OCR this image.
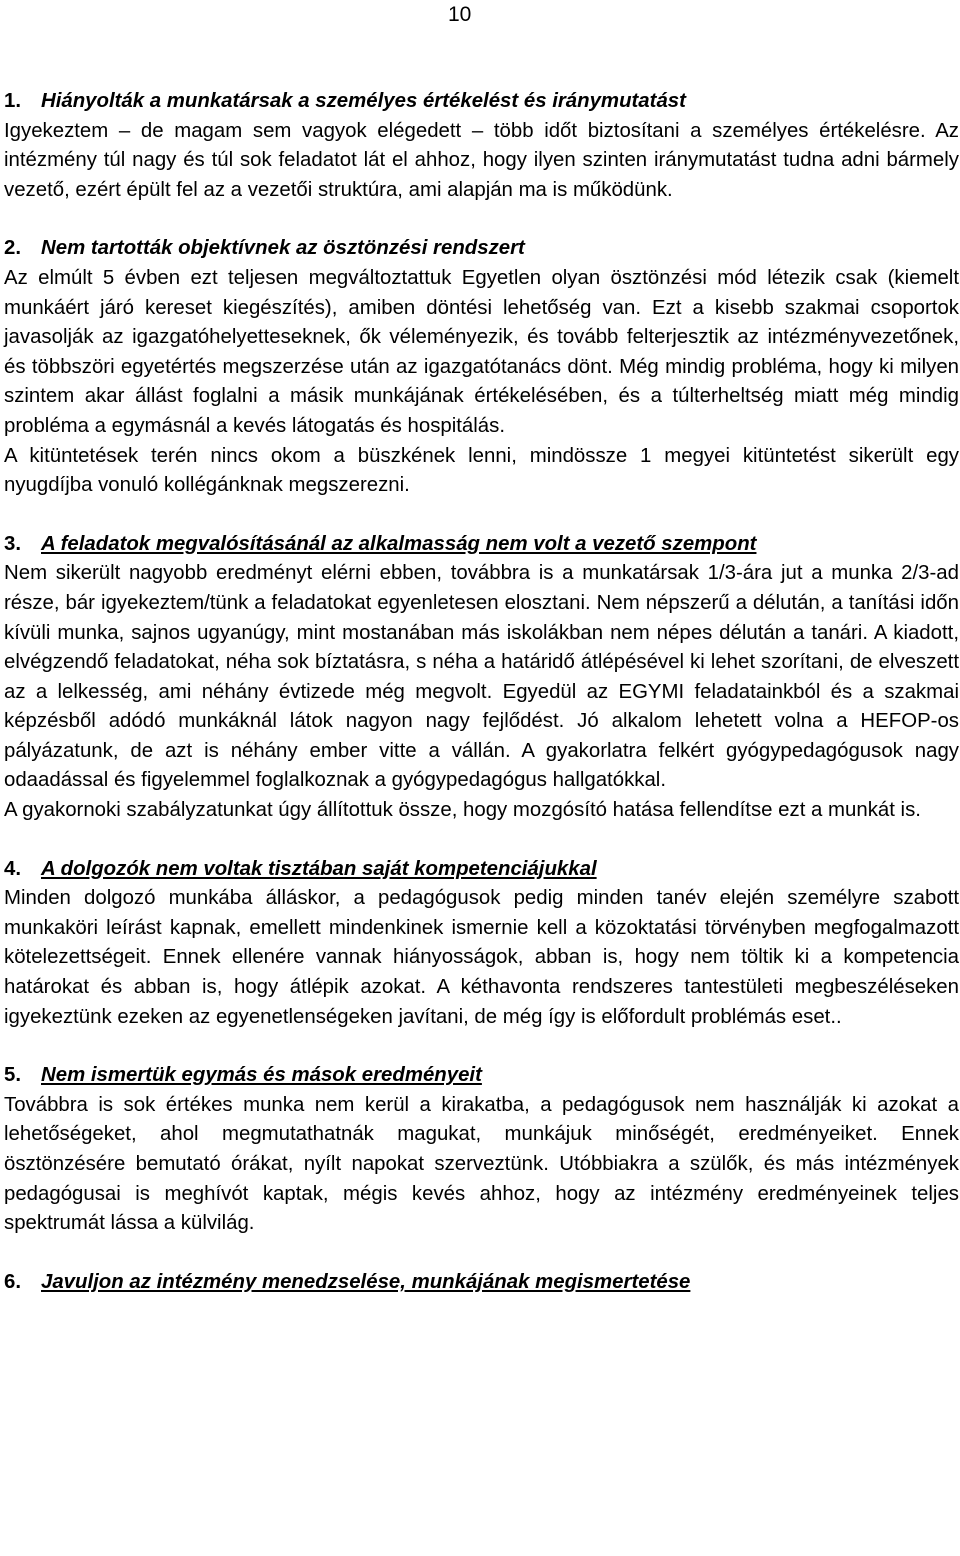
10
1. Hiányolták a munkatársak a személyes értékelést és iránymutatást

Igyekeztem – de magam sem vagyok elégedett – több időt biztosítani a személyes értékelésre. Az intézmény túl nagy és túl sok feladatot lát el ahhoz, hogy ilyen szinten iránymutatást tudna adni bármely vezető, ezért épült fel az a vezetői struktúra, ami alapján ma is működünk.

2. Nem tartották objektívnek az ösztönzési rendszert

Az elmúlt 5 évben ezt teljesen megváltoztattuk Egyetlen olyan ösztönzési mód létezik csak (kiemelt munkáért járó kereset kiegészítés), amiben döntési lehetőség van. Ezt a kisebb szakmai csoportok javasolják az igazgatóhelyetteseknek, ők véleményezik, és tovább felterjesztik az intézményvezetőnek, és többszöri egyetértés megszerzése után az igazgatótanács dönt. Még mindig probléma, hogy ki milyen szintem akar állást foglalni a másik munkájának értékelésében, és a túlterheltség miatt még mindig probléma a egymásnál a kevés látogatás és hospitálás.

A kitüntetések terén nincs okom a büszkének lenni, mindössze 1 megyei kitüntetést sikerült egy nyugdíjba vonuló kollégánknak megszerezni.

3. A feladatok megvalósításánál az alkalmasság nem volt a vezető szempont

Nem sikerült nagyobb eredményt elérni ebben, továbbra is a munkatársak 1/3-ára jut a munka 2/3-ad része, bár igyekeztem/tünk a feladatokat egyenletesen elosztani. Nem népszerű a délután, a tanítási időn kívüli munka, sajnos ugyanúgy, mint mostanában más iskolákban nem népes délután a tanári. A kiadott, elvégzendő feladatokat, néha sok bíztatásra, s néha a határidő átlépésével ki lehet szorítani, de elveszett az a lelkesség, ami néhány évtizede még megvolt. Egyedül az EGYMI feladatainkból és a szakmai képzésből adódó munkáknál látok nagyon nagy fejlődést. Jó alkalom lehetett volna a HEFOP-os pályázatunk, de azt is néhány ember vitte a vállán. A gyakorlatra felkért gyógypedagógusok nagy odaadással és figyelemmel foglalkoznak a gyógypedagógus hallgatókkal.

A gyakornoki szabályzatunkat úgy állítottuk össze, hogy mozgósító hatása fellendítse ezt a munkát is.

4. A dolgozók nem voltak tisztában saját kompetenciájukkal

Minden dolgozó munkába álláskor, a pedagógusok pedig minden tanév elején személyre szabott munkaköri leírást kapnak, emellett mindenkinek ismernie kell a közoktatási törvényben megfogalmazott kötelezettségeit. Ennek ellenére vannak hiányosságok, abban is, hogy nem töltik ki a kompetencia határokat és abban is, hogy átlépik azokat. A kéthavonta rendszeres tantestületi megbeszéléseken igyekeztünk ezeken az egyenetlenségeken javítani, de még így is előfordult problémás eset..

5. Nem ismertük egymás és mások eredményeit

Továbbra is sok értékes munka nem kerül a kirakatba, a pedagógusok nem használják ki azokat a lehetőségeket, ahol megmutathatnák magukat, munkájuk minőségét, eredményeiket. Ennek ösztönzésére bemutató órákat, nyílt napokat szerveztünk. Utóbbiakra a szülők, és más intézmények pedagógusai is meghívót kaptak, mégis kevés ahhoz, hogy az intézmény eredményeinek teljes spektrumát lássa a külvilág.

6. Javuljon az intézmény menedzselése, munkájának megismertetése
